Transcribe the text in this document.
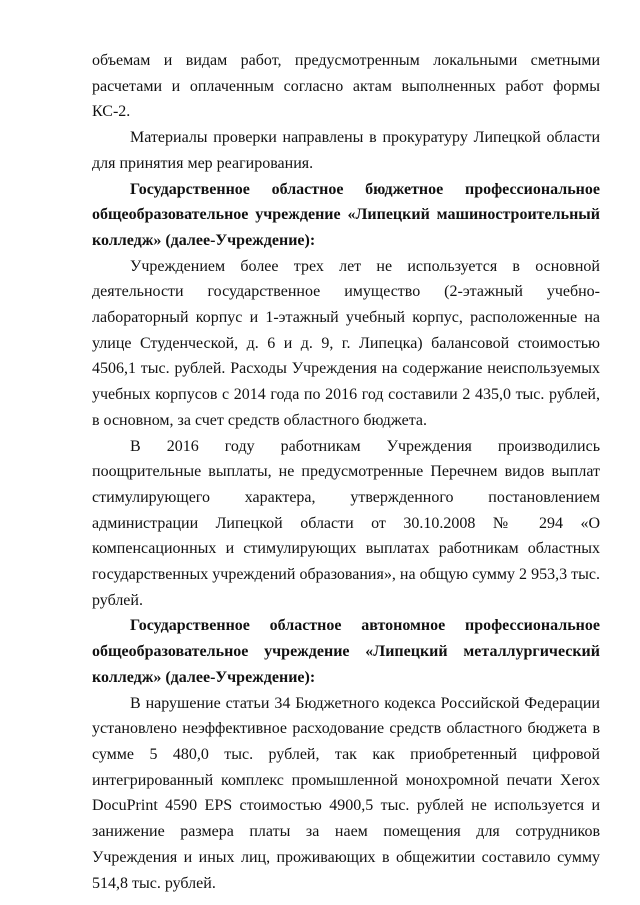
объемам и видам работ, предусмотренным локальными сметными расчетами и оплаченным согласно актам выполненных работ формы КС-2.

Материалы проверки направлены в прокуратуру Липецкой области для принятия мер реагирования.

Государственное областное бюджетное профессиональное общеобразовательное учреждение «Липецкий машиностроительный колледж» (далее-Учреждение):

Учреждением более трех лет не используется в основной деятельности государственное имущество (2-этажный учебно-лабораторный корпус и 1-этажный учебный корпус, расположенные на улице Студенческой, д. 6 и д. 9, г. Липецка) балансовой стоимостью 4506,1 тыс. рублей. Расходы Учреждения на содержание неиспользуемых учебных корпусов с 2014 года по 2016 год составили 2 435,0 тыс. рублей, в основном, за счет средств областного бюджета.

В 2016 году работникам Учреждения производились поощрительные выплаты, не предусмотренные Перечнем видов выплат стимулирующего характера, утвержденного постановлением администрации Липецкой области от 30.10.2008 № 294 «О компенсационных и стимулирующих выплатах работникам областных государственных учреждений образования», на общую сумму 2 953,3 тыс. рублей.

Государственное областное автономное профессиональное общеобразовательное учреждение «Липецкий металлургический колледж» (далее-Учреждение):

В нарушение статьи 34 Бюджетного кодекса Российской Федерации установлено неэффективное расходование средств областного бюджета в сумме 5 480,0 тыс. рублей, так как приобретенный цифровой интегрированный комплекс промышленной монохромной печати Xerox DocuPrint 4590 EPS стоимостью 4900,5 тыс. рублей не используется и занижение размера платы за наем помещения для сотрудников Учреждения и иных лиц, проживающих в общежитии составило сумму 514,8 тыс. рублей.
